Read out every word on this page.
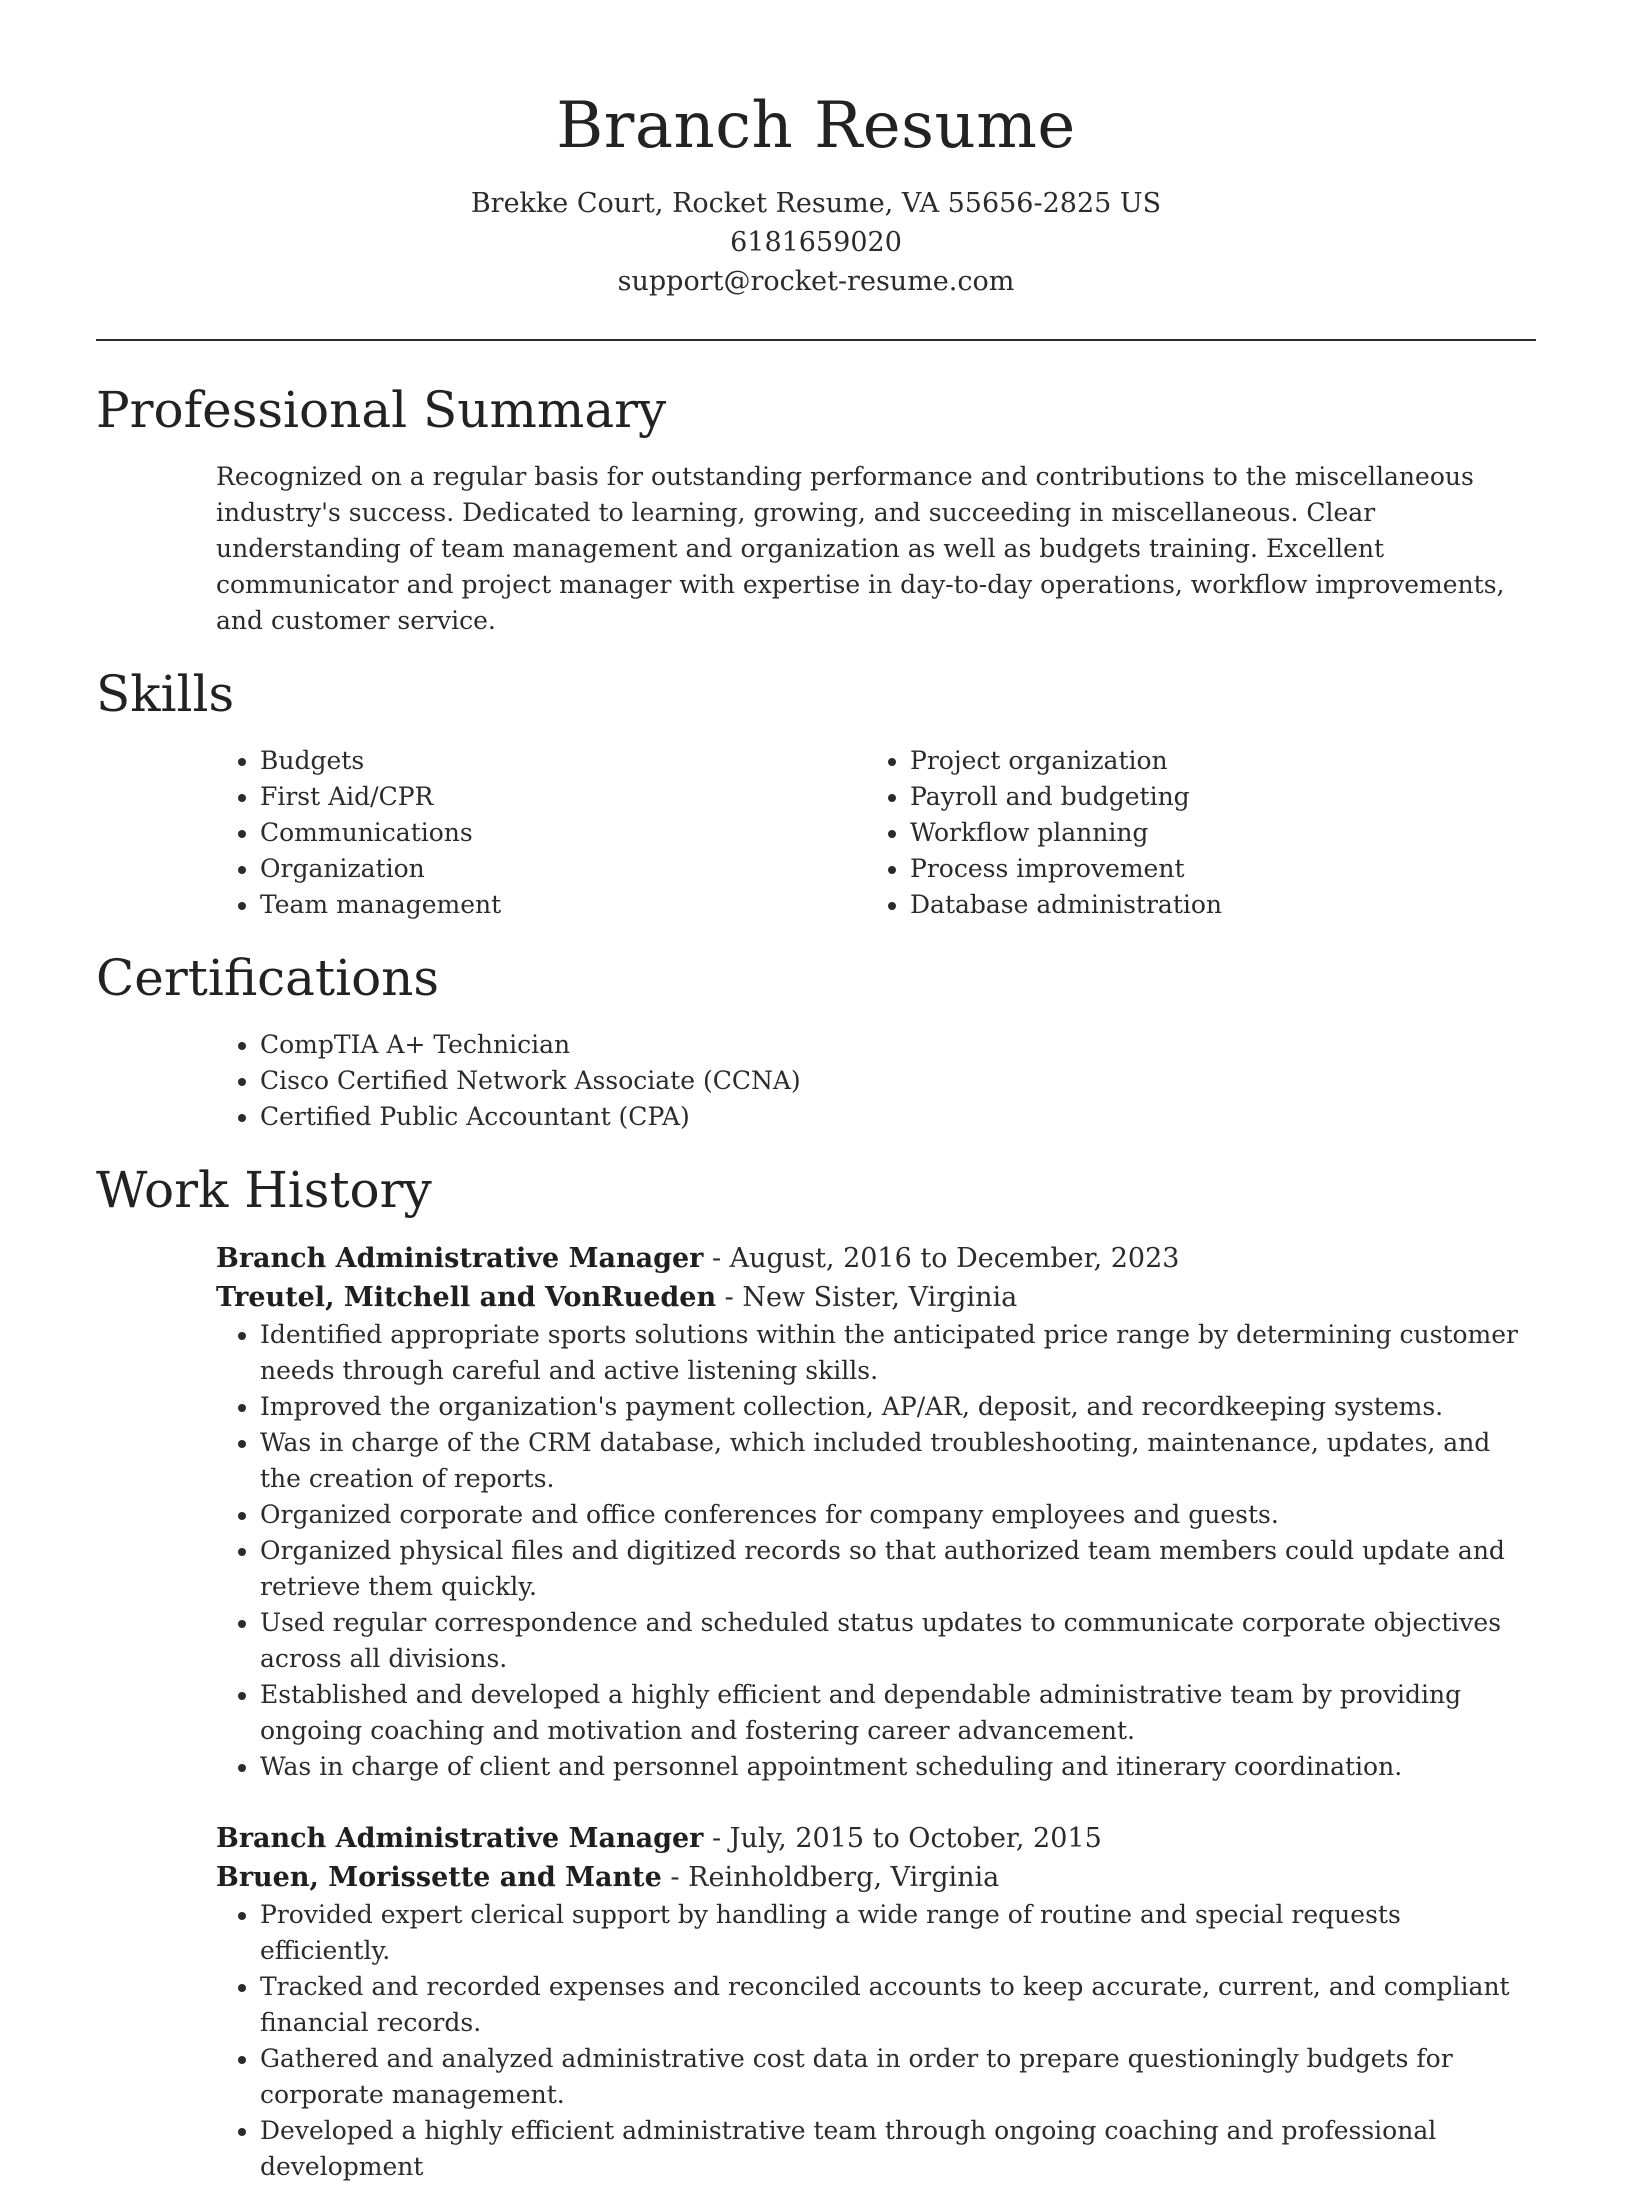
Branch Resume
Brekke Court, Rocket Resume, VA 55656-2825 US
6181659020
support@rocket-resume.com
Professional Summary
Recognized on a regular basis for outstanding performance and contributions to the miscellaneous industry's success. Dedicated to learning, growing, and succeeding in miscellaneous. Clear understanding of team management and organization as well as budgets training. Excellent communicator and project manager with expertise in day-to-day operations, workflow improvements, and customer service.
Skills
• Budgets
• First Aid/CPR
• Communications
• Organization
• Team management
• Project organization
• Payroll and budgeting
• Workflow planning
• Process improvement
• Database administration
Certifications
• CompTIA A+ Technician
• Cisco Certified Network Associate (CCNA)
• Certified Public Accountant (CPA)
Work History
Branch Administrative Manager - August, 2016 to December, 2023
Treutel, Mitchell and VonRueden - New Sister, Virginia
• Identified appropriate sports solutions within the anticipated price range by determining customer needs through careful and active listening skills.
• Improved the organization's payment collection, AP/AR, deposit, and recordkeeping systems.
• Was in charge of the CRM database, which included troubleshooting, maintenance, updates, and the creation of reports.
• Organized corporate and office conferences for company employees and guests.
• Organized physical files and digitized records so that authorized team members could update and retrieve them quickly.
• Used regular correspondence and scheduled status updates to communicate corporate objectives across all divisions.
• Established and developed a highly efficient and dependable administrative team by providing ongoing coaching and motivation and fostering career advancement.
• Was in charge of client and personnel appointment scheduling and itinerary coordination.
Branch Administrative Manager - July, 2015 to October, 2015
Bruen, Morissette and Mante - Reinholdberg, Virginia
• Provided expert clerical support by handling a wide range of routine and special requests efficiently.
• Tracked and recorded expenses and reconciled accounts to keep accurate, current, and compliant financial records.
• Gathered and analyzed administrative cost data in order to prepare questioningly budgets for corporate management.
• Developed a highly efficient administrative team through ongoing coaching and professional development
